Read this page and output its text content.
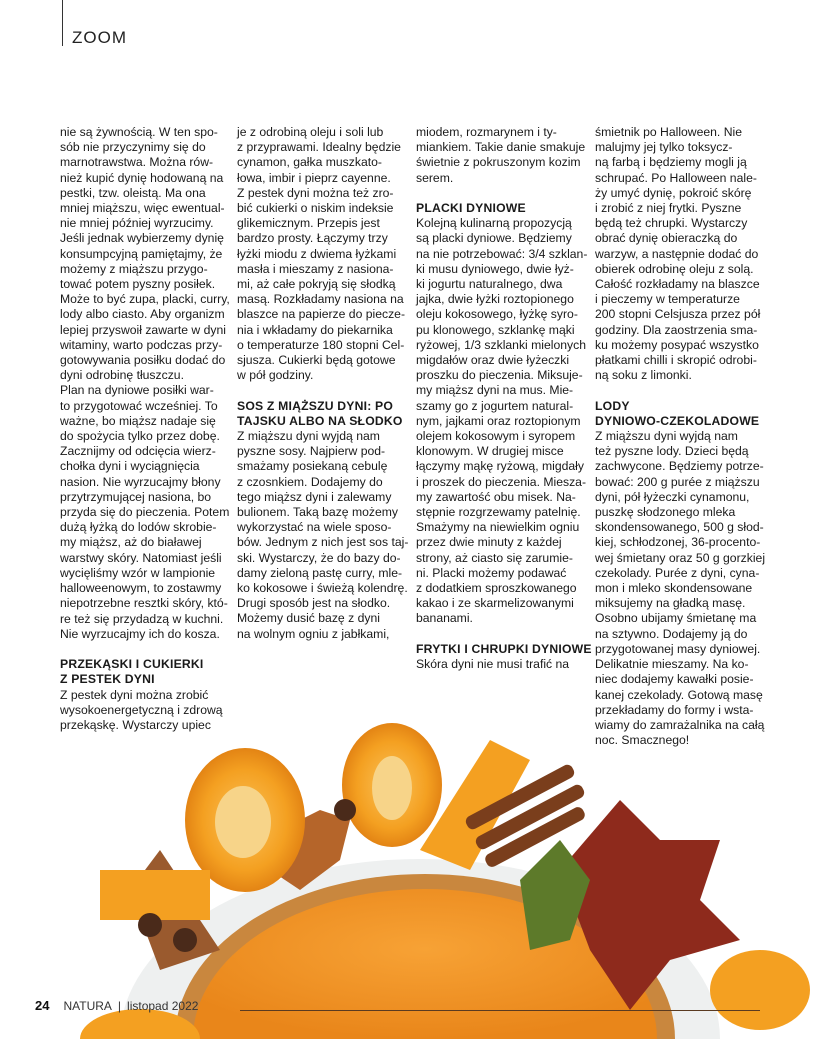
ZOOM
nie są żywnością. W ten spo-
sób nie przyczynimy się do
marnotrawstwa. Można rów-
nież kupić dynię hodowaną na
pestki, tzw. oleistą. Ma ona
mniej miąższu, więc ewentual-
nie mniej później wyrzucimy.
Jeśli jednak wybierzemy dynię
konsumpcyjną pamiętajmy, że
możemy z miąższu przygo-
tować potem pyszny posiłek.
Może to być zupa, placki, curry,
lody albo ciasto. Aby organizm
lepiej przyswoił zawarte w dyni
witaminy, warto podczas przy-
gotowywania posiłku dodać do
dyni odrobinę tłuszczu.
Plan na dyniowe posiłki war-
to przygotować wcześniej. To
ważne, bo miąższ nadaje się
do spożycia tylko przez dobę.
Zacznijmy od odcięcia wierz-
chołka dyni i wyciągnięcia
nasion. Nie wyrzucajmy błony
przytrzymującej nasiona, bo
przyda się do pieczenia. Potem
dużą łyżką do lodów skrobie-
my miąższ, aż do białawej
warstwy skóry. Natomiast jeśli
wycięliśmy wzór w lampionie
halloweenowym, to zostawmy
niepotrzebne resztki skóry, któ-
re też się przydadzą w kuchni.
Nie wyrzucajmy ich do kosza.
PRZEKĄSKI I CUKIERKI
Z PESTEK DYNI
Z pestek dyni można zrobić
wysokoenergetyczną i zdrową
przekąskę. Wystarczy upiec
je z odrobiną oleju i soli lub
z przyprawami. Idealny będzie
cynamon, gałka muszkato-
łowa, imbir i pieprz cayenne.
Z pestek dyni można też zro-
bić cukierki o niskim indeksie
glikemicznym. Przepis jest
bardzo prosty. Łączymy trzy
łyżki miodu z dwiema łyżkami
masła i mieszamy z nasiona-
mi, aż całe pokryją się słodką
masą. Rozkładamy nasiona na
blaszce na papierze do piecze-
nia i wkładamy do piekarnika
o temperaturze 180 stopni Cel-
sjusza. Cukierki będą gotowe
w pół godziny.
SOS Z MIĄŻSZU DYNI: PO
TAJSKU ALBO NA SŁODKO
Z miąższu dyni wyjdą nam
pyszne sosy. Najpierw pod-
smażamy posiekaną cebulę
z czosnkiem. Dodajemy do
tego miąższ dyni i zalewamy
bulionem. Taką bazę możemy
wykorzystać na wiele sposo-
bów. Jednym z nich jest sos taj-
ski. Wystarczy, że do bazy do-
damy zieloną pastę curry, mle-
ko kokosowe i świeżą kolendrę.
Drugi sposób jest na słodko.
Możemy dusić bazę z dyni
na wolnym ogniu z jabłkami,
miodem, rozmarynem i ty-
miankiem. Takie danie smakuje
świetnie z pokruszonym kozim
serem.
PLACKI DYNIOWE
Kolejną kulinarną propozycją
są placki dyniowe. Będziemy
na nie potrzebować: 3/4 szklan-
ki musu dyniowego, dwie łyż-
ki jogurtu naturalnego, dwa
jajka, dwie łyżki roztopionego
oleju kokosowego, łyżkę syro-
pu klonowego, szklankę mąki
ryżowej, 1/3 szklanki mielonych
migdałów oraz dwie łyżeczki
proszku do pieczenia. Miksuje-
my miąższ dyni na mus. Mie-
szamy go z jogurtem natural-
nym, jajkami oraz roztopionym
olejem kokosowym i syropem
klonowym. W drugiej misce
łączymy mąkę ryżową, migdały
i proszek do pieczenia. Miesza-
my zawartość obu misek. Na-
stępnie rozgrzewamy patelnię.
Smażymy na niewielkim ogniu
przez dwie minuty z każdej
strony, aż ciasto się zarumie-
ni. Placki możemy podawać
z dodatkiem sproszkowanego
kakao i ze skarmelizowanymi
bananami.
FRYTKI I CHRUPKI DYNIOWE
Skóra dyni nie musi trafić na
śmietnik po Halloween. Nie
malujmy jej tylko toksycz-
ną farbą i będziemy mogli ją
schrupać. Po Halloween nale-
ży umyć dynię, pokroić skórę
i zrobić z niej frytki. Pyszne
będą też chrupki. Wystarczy
obrać dynię obieraczką do
warzyw, a następnie dodać do
obierek odrobinę oleju z solą.
Całość rozkładamy na blaszce
i pieczemy w temperaturze
200 stopni Celsjusza przez pół
godziny. Dla zaostrzenia sma-
ku możemy posypać wszystko
płatkami chilli i skropić odrobi-
ną soku z limonki.
LODY
DYNIOWO-CZEKOLADOWE
Z miąższu dyni wyjdą nam
też pyszne lody. Dzieci będą
zachwycone. Będziemy potrze-
bować: 200 g purée z miąższu
dyni, pół łyżeczki cynamonu,
puszkę słodzonego mleka
skondensowanego, 500 g słod-
kiej, schłodzonej, 36-procento-
wej śmietany oraz 50 g gorzkiej
czekolady. Purée z dyni, cyna-
mon i mleko skondensowane
miksujemy na gładką masę.
Osobno ubijamy śmietanę ma
na sztywno. Dodajemy ją do
przygotowanej masy dyniowej.
Delikatnie mieszamy. Na ko-
niec dodajemy kawałki posie-
kanej czekolady. Gotową masę
przekładamy do formy i wsta-
wiamy do zamrażalnika na całą
noc. Smacznego!
24 NATURA | listopad 2022
